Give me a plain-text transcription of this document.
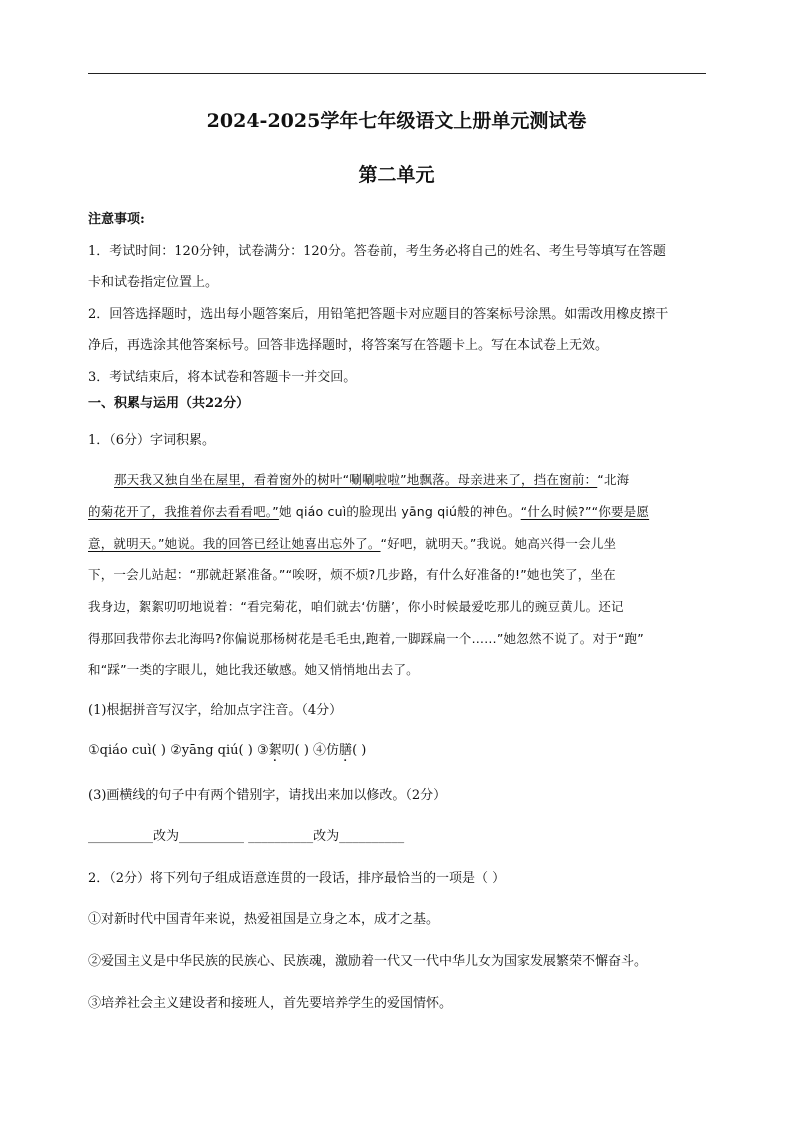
2024-2025学年七年级语文上册单元测试卷
第二单元
注意事项:
1．考试时间：120分钟，试卷满分：120分。答卷前，考生务必将自己的姓名、考生号等填写在答题
卡和试卷指定位置上。
2．回答选择题时，选出每小题答案后，用铅笔把答题卡对应题目的答案标号涂黑。如需改用橡皮擦干
净后，再选涂其他答案标号。回答非选择题时，将答案写在答题卡上。写在本试卷上无效。
3．考试结束后，将本试卷和答题卡一并交回。
一、积累与运用（共22分）
1．（6分）字词积累。
那天我又独自坐在屋里，看着窗外的树叶“唰唰啦啦”地飘落。母亲进来了，挡在窗前：“北海
的菊花开了，我推着你去看看吧。”她 qiáo cuì的脸现出 yāng qiú般的神色。“什么时候?”“你要是愿
意，就明天。”她说。我的回答已经让她喜出忘外了。“好吧，就明天。”我说。她高兴得一会儿坐
下，一会儿站起：“那就赶紧准备。”“唉呀，烦不烦?几步路，有什么好准备的!”她也笑了，坐在
我身边，絮絮叨叨地说着：“看完菊花，咱们就去‘仿膳’，你小时候最爱吃那儿的豌豆黄儿。还记
得那回我带你去北海吗?你偏说那杨树花是毛毛虫,跑着,一脚踩扁一个……”她忽然不说了。对于“跑”
和“踩”一类的字眼儿，她比我还敏感。她又悄悄地出去了。
(1)根据拼音写汉字，给加点字注音。（4分）
①qiáo cuì( ) ②yāng qiú( ) ③絮叨( ) ④仿膳( )
(3)画横线的句子中有两个错别字，请找出来加以修改。（2分）
__________改为__________ __________改为__________
2．（2分）将下列句子组成语意连贯的一段话，排序最恰当的一项是（ ）
①对新时代中国青年来说，热爱祖国是立身之本，成才之基。
②爱国主义是中华民族的民族心、民族魂，激励着一代又一代中华儿女为国家发展繁荣不懈奋斗。
③培养社会主义建设者和接班人，首先要培养学生的爱国情怀。
